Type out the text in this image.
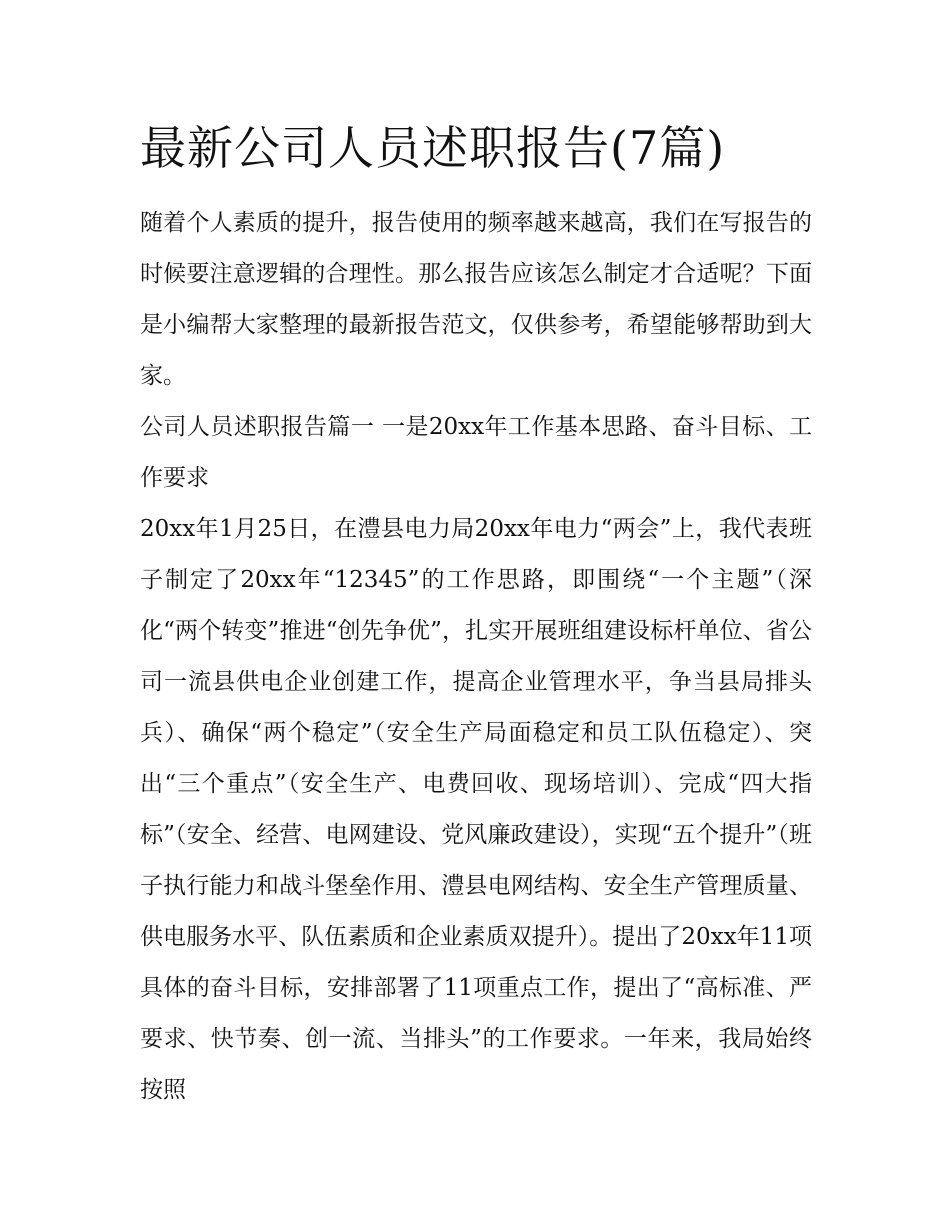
最新公司人员述职报告(7篇)

随着个人素质的提升，报告使用的频率越来越高，我们在写报告的时候要注意逻辑的合理性。那么报告应该怎么制定才合适呢？下面是小编帮大家整理的最新报告范文，仅供参考，希望能够帮助到大家。

公司人员述职报告篇一 一是20xx年工作基本思路、奋斗目标、工作要求

20xx年1月25日，在澧县电力局20xx年电力“两会”上，我代表班子制定了20xx年“12345”的工作思路，即围绕“一个主题”（深化“两个转变”推进“创先争优”，扎实开展班组建设标杆单位、省公司一流县供电企业创建工作，提高企业管理水平，争当县局排头兵）、确保“两个稳定”（安全生产局面稳定和员工队伍稳定）、突出“三个重点”（安全生产、电费回收、现场培训）、完成“四大指标”（安全、经营、电网建设、党风廉政建设），实现“五个提升”（班子执行能力和战斗堡垒作用、澧县电网结构、安全生产管理质量、供电服务水平、队伍素质和企业素质双提升）。提出了20xx年11项具体的奋斗目标，安排部署了11项重点工作，提出了“高标准、严要求、快节奏、创一流、当排头”的工作要求。一年来，我局始终按照
